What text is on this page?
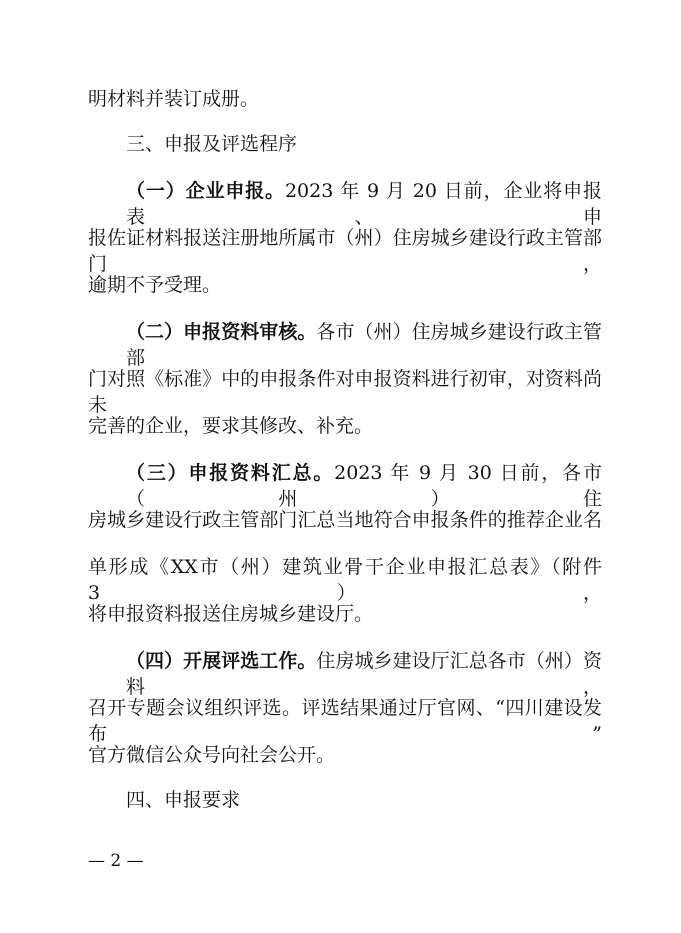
明材料并装订成册。
三、申报及评选程序
（一）企业申报。2023 年 9 月 20 日前，企业将申报表、申
报佐证材料报送注册地所属市（州）住房城乡建设行政主管部门，
逾期不予受理。
（二）申报资料审核。各市（州）住房城乡建设行政主管部
门对照《标准》中的申报条件对申报资料进行初审，对资料尚未
完善的企业，要求其修改、补充。
（三）申报资料汇总。2023 年 9 月 30 日前，各市（州）住
房城乡建设行政主管部门汇总当地符合申报条件的推荐企业名
单形成《XX市（州）建筑业骨干企业申报汇总表》（附件 3），
将申报资料报送住房城乡建设厅。
（四）开展评选工作。住房城乡建设厅汇总各市（州）资料，
召开专题会议组织评选。评选结果通过厅官网、“四川建设发布”
官方微信公众号向社会公开。
四、申报要求
— 2 —
